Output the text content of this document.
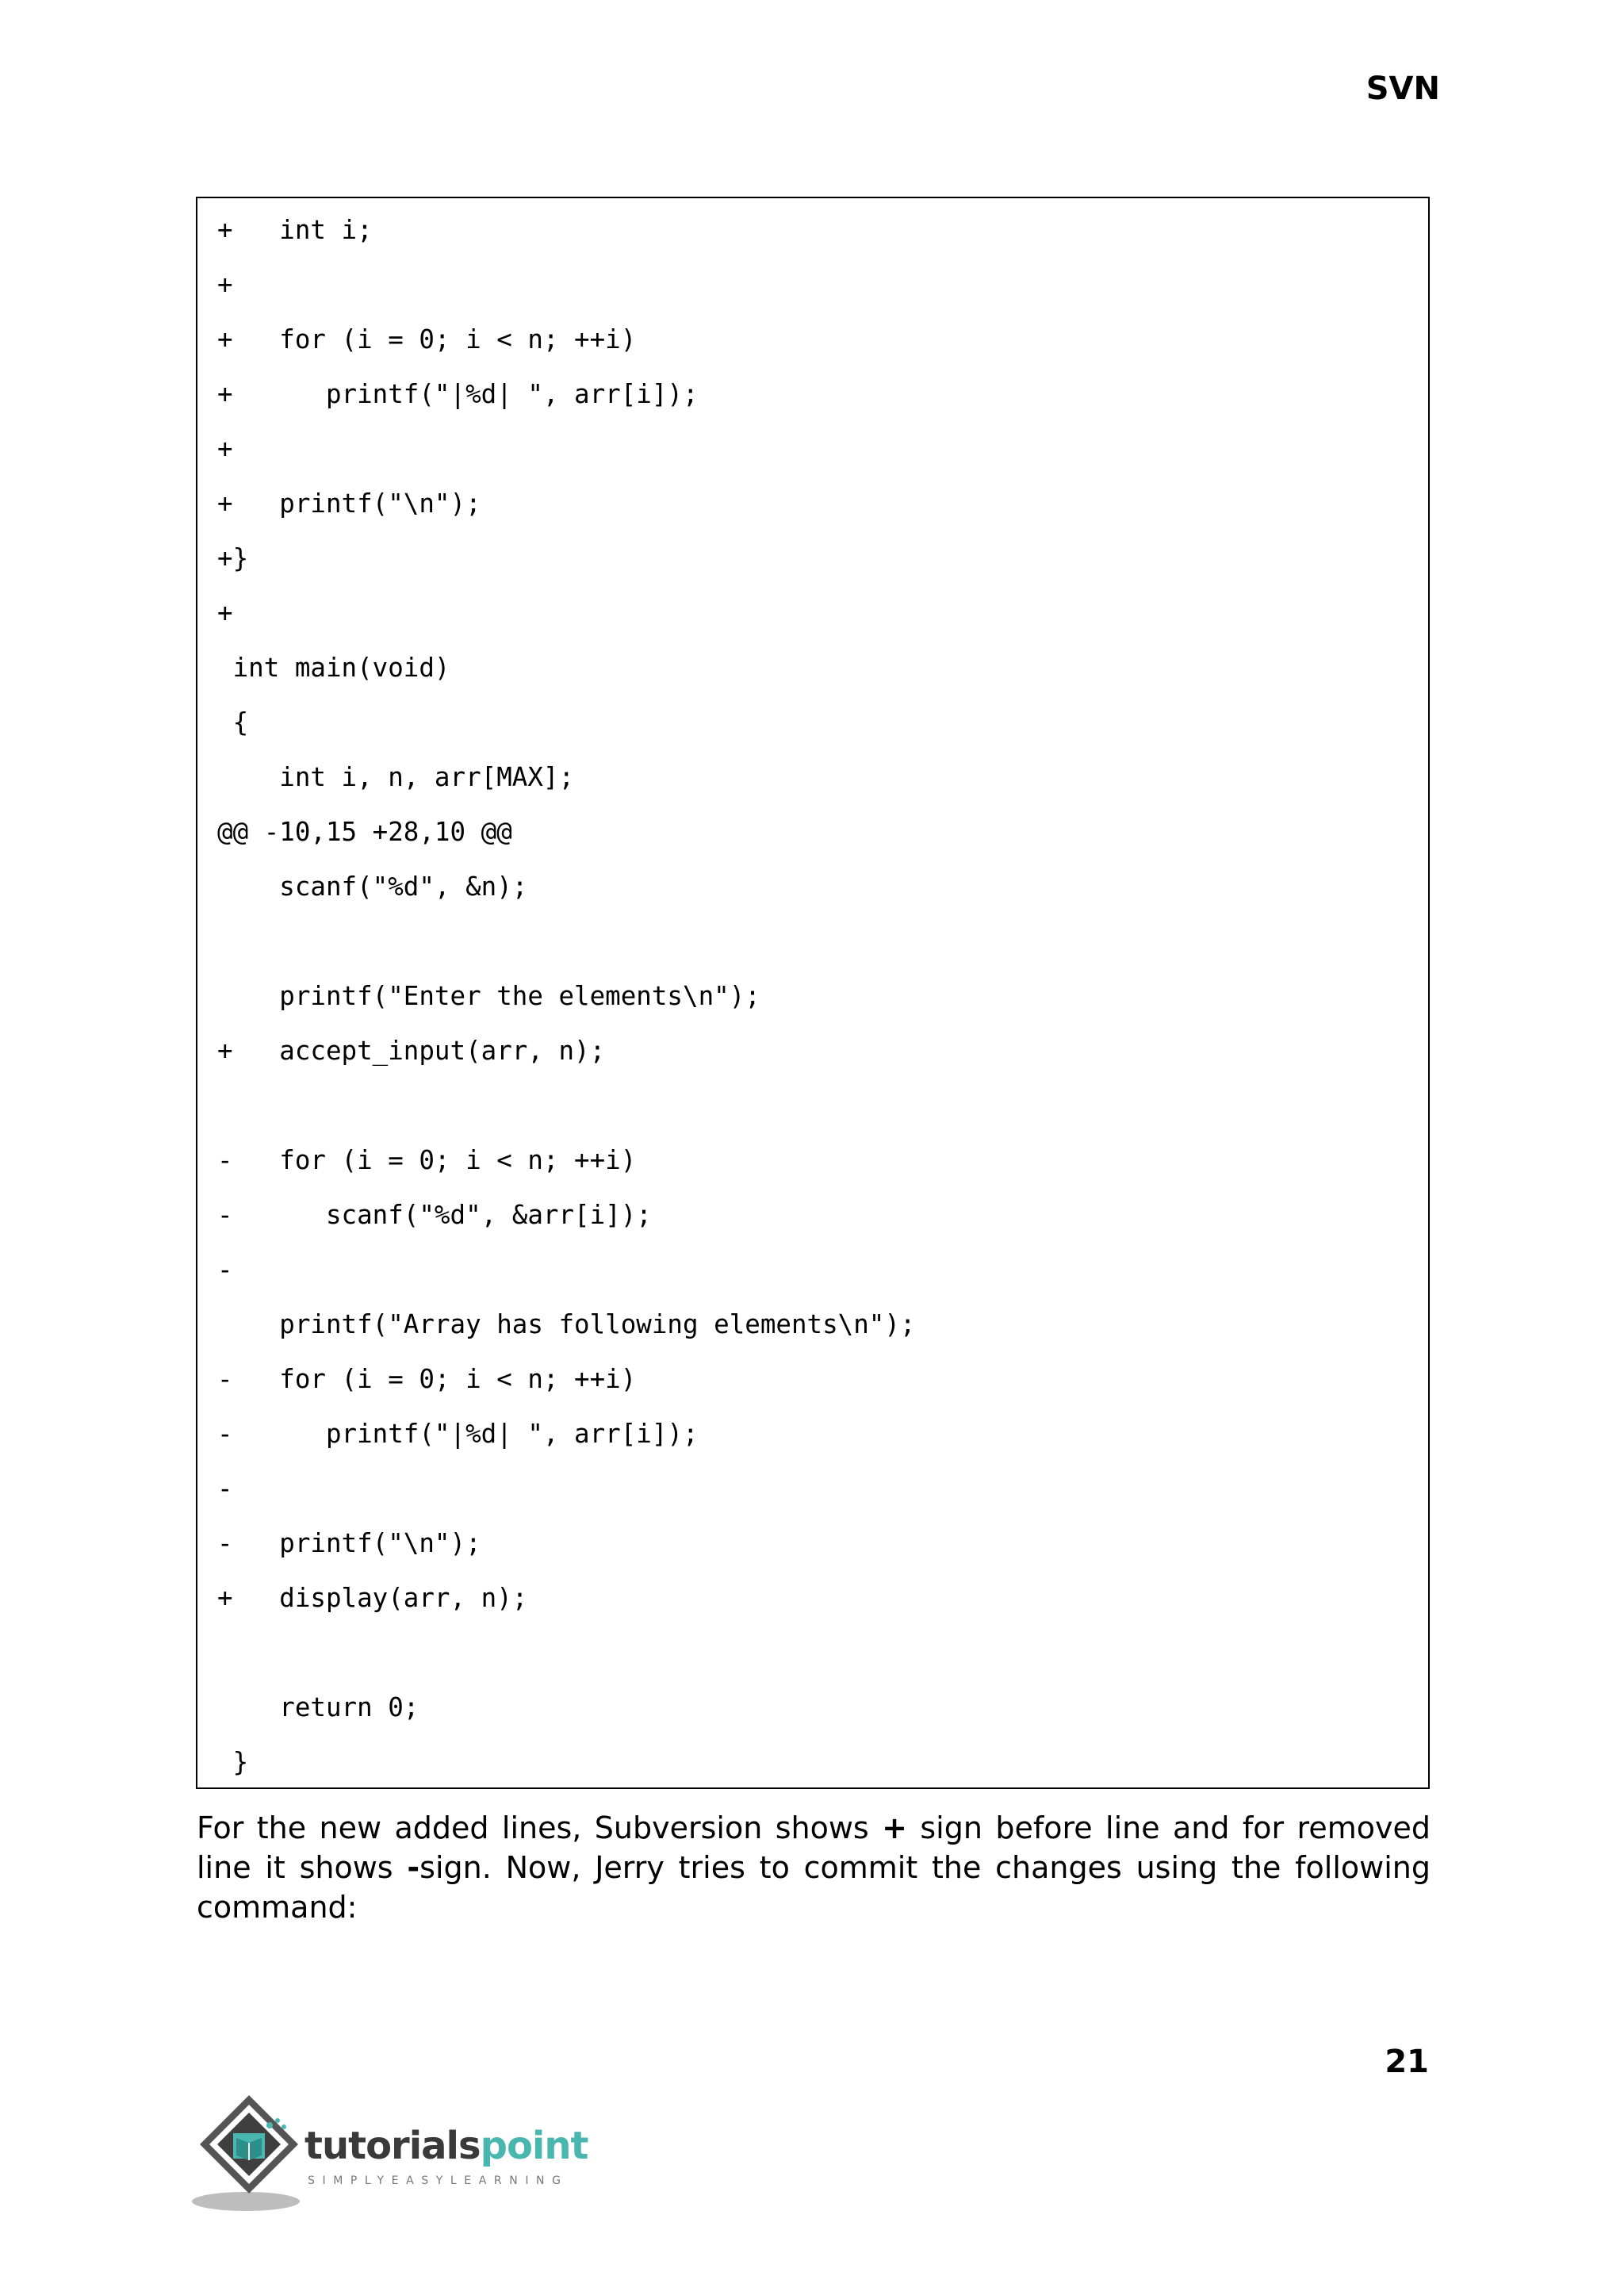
SVN
+   int i;
+
+   for (i = 0; i < n; ++i)
+      printf("|%d| ", arr[i]);
+
+   printf("\n");
+}
+
int main(void)
{
int i, n, arr[MAX];
@@ -10,15 +28,10 @@
scanf("%d", &n);
printf("Enter the elements\n");
+   accept_input(arr, n);
-   for (i = 0; i < n; ++i)
-      scanf("%d", &arr[i]);
-
printf("Array has following elements\n");
-   for (i = 0; i < n; ++i)
-      printf("|%d| ", arr[i]);
-
-   printf("\n");
+   display(arr, n);
return 0;
}

For the new added lines, Subversion shows + sign before line and for removed line it shows -sign. Now, Jerry tries to commit the changes using the following command:

21
tutorialspoint
SIMPLYEASYLEARNING
